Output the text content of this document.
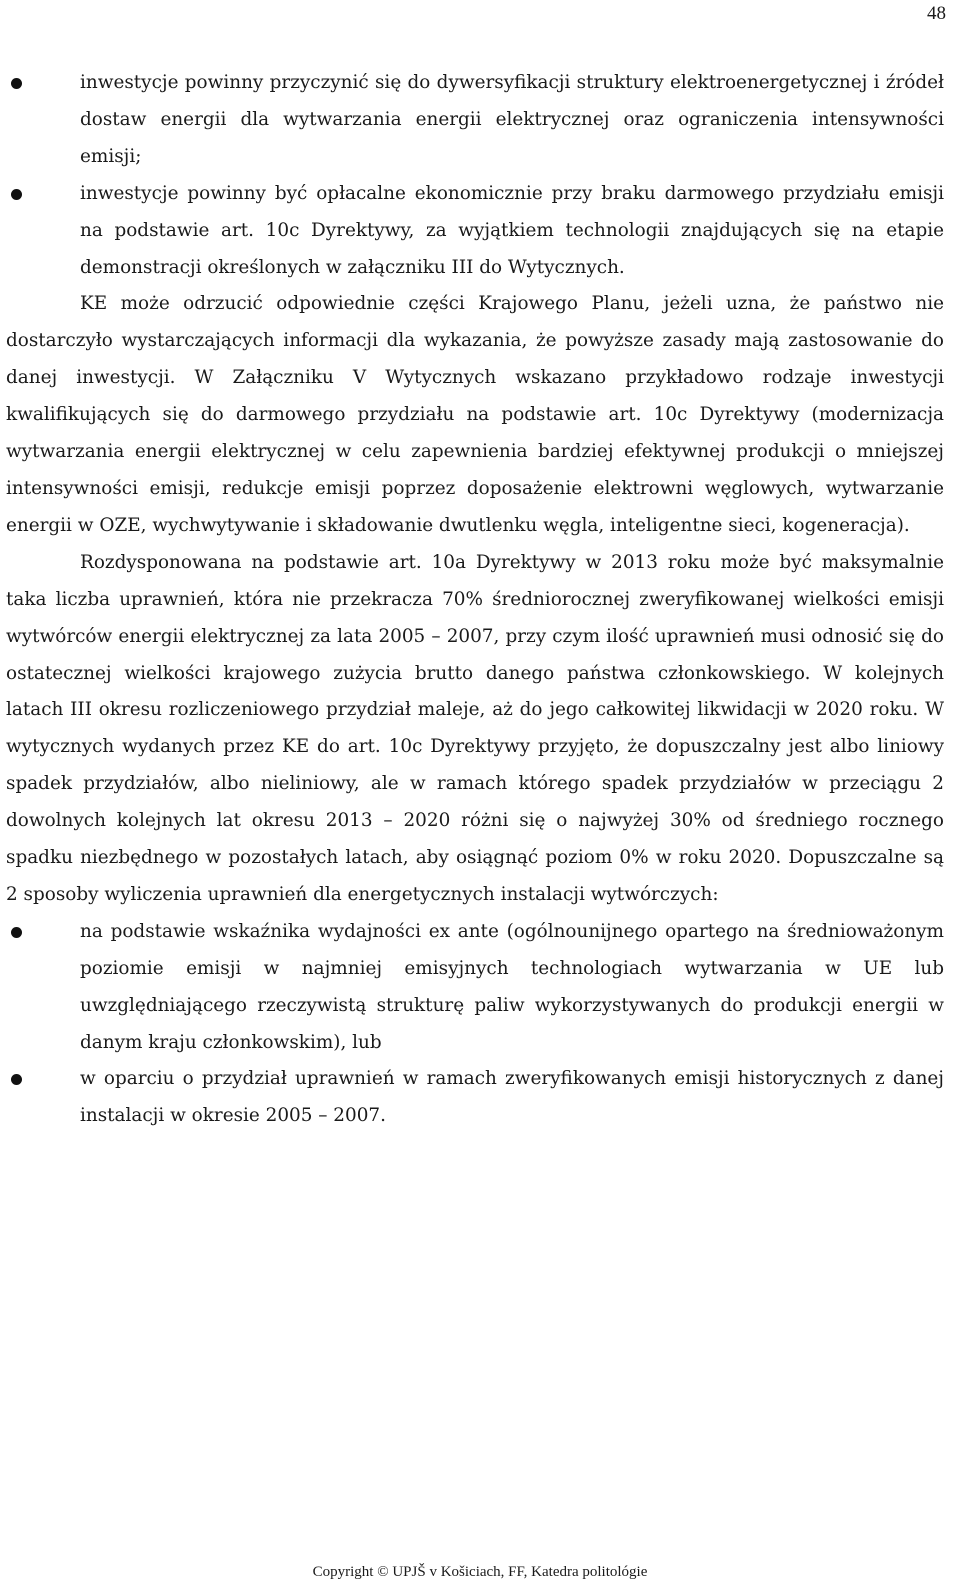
48
inwestycje powinny przyczynić się do dywersyfikacji struktury elektroenergetycznej i źródeł dostaw energii dla wytwarzania energii elektrycznej oraz ograniczenia intensywności emisji;
inwestycje powinny być opłacalne ekonomicznie przy braku darmowego przydziału emisji na podstawie art. 10c Dyrektywy, za wyjątkiem technologii znajdujących się na etapie demonstracji określonych w załączniku III do Wytycznych.

KE może odrzucić odpowiednie części Krajowego Planu, jeżeli uzna, że państwo nie dostarczyło wystarczających informacji dla wykazania, że powyższe zasady mają zastosowanie do danej inwestycji. W Załączniku V Wytycznych wskazano przykładowo rodzaje inwestycji kwalifikujących się do darmowego przydziału na podstawie art. 10c Dyrektywy (modernizacja wytwarzania energii elektrycznej w celu zapewnienia bardziej efektywnej produkcji o mniejszej intensywności emisji, redukcje emisji poprzez doposażenie elektrowni węglowych, wytwarzanie energii w OZE, wychwytywanie i składowanie dwutlenku węgla, inteligentne sieci, kogeneracja).

Rozdysponowana na podstawie art. 10a Dyrektywy w 2013 roku może być maksymalnie taka liczba uprawnień, która nie przekracza 70% średniorocznej zweryfikowanej wielkości emisji wytwórców energii elektrycznej za lata 2005 – 2007, przy czym ilość uprawnień musi odnosić się do ostatecznej wielkości krajowego zużycia brutto danego państwa członkowskiego. W kolejnych latach III okresu rozliczeniowego przydział maleje, aż do jego całkowitej likwidacji w 2020 roku. W wytycznych wydanych przez KE do art. 10c Dyrektywy przyjęto, że dopuszczalny jest albo liniowy spadek przydziałów, albo nieliniowy, ale w ramach którego spadek przydziałów w przeciągu 2 dowolnych kolejnych lat okresu 2013 – 2020 różni się o najwyżej 30% od średniego rocznego spadku niezbędnego w pozostałych latach, aby osiągnąć poziom 0% w roku 2020. Dopuszczalne są 2 sposoby wyliczenia uprawnień dla energetycznych instalacji wytwórczych:

na podstawie wskaźnika wydajności ex ante (ogólnounijnego opartego na średnioważonym poziomie emisji w najmniej emisyjnych technologiach wytwarzania w UE lub uwzględniającego rzeczywistą strukturę paliw wykorzystywanych do produkcji energii w danym kraju członkowskim), lub
w oparciu o przydział uprawnień w ramach zweryfikowanych emisji historycznych z danej instalacji w okresie 2005 – 2007.
Copyright © UPJŠ v Košiciach, FF, Katedra politológie
